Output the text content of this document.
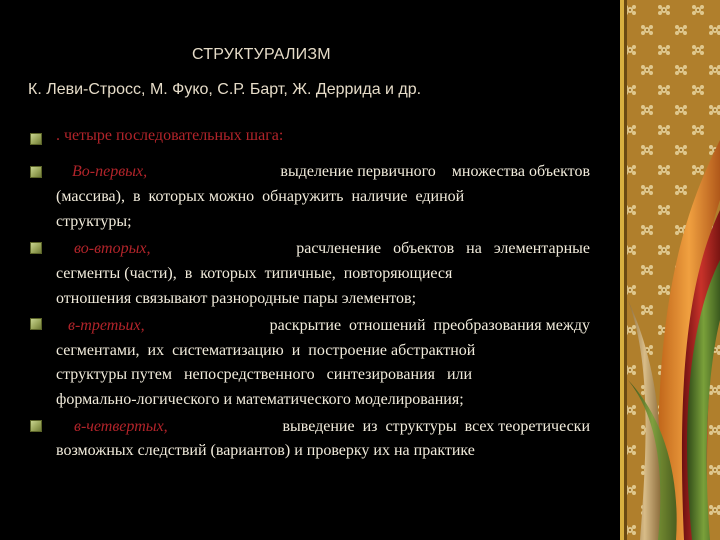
СТРУКТУРАЛИЗМ
К. Леви-Стросс, М. Фуко, С.Р. Барт, Ж. Деррида и др.
. четыре последовательных шага:
Во-первых,	выделение первичного    множества объектов
(массива),  в  которых можно  обнаружить  наличие  единой
структуры;
во-вторых,	расчленение   объектов   на   элементарные
сегменты (части),  в  которых  типичные,  повторяющиеся
отношения связывают разнородные пары элементов;
в-третьих,	раскрытие  отношений  преобразования между
сегментами,  их  систематизацию  и  построение абстрактной
структуры путем   непосредственного   синтезирования   или
формально-логического и математического моделирования;
в-четвертых,	выведение  из  структуры  всех теоретически
возможных следствий (вариантов) и проверку их на практике
